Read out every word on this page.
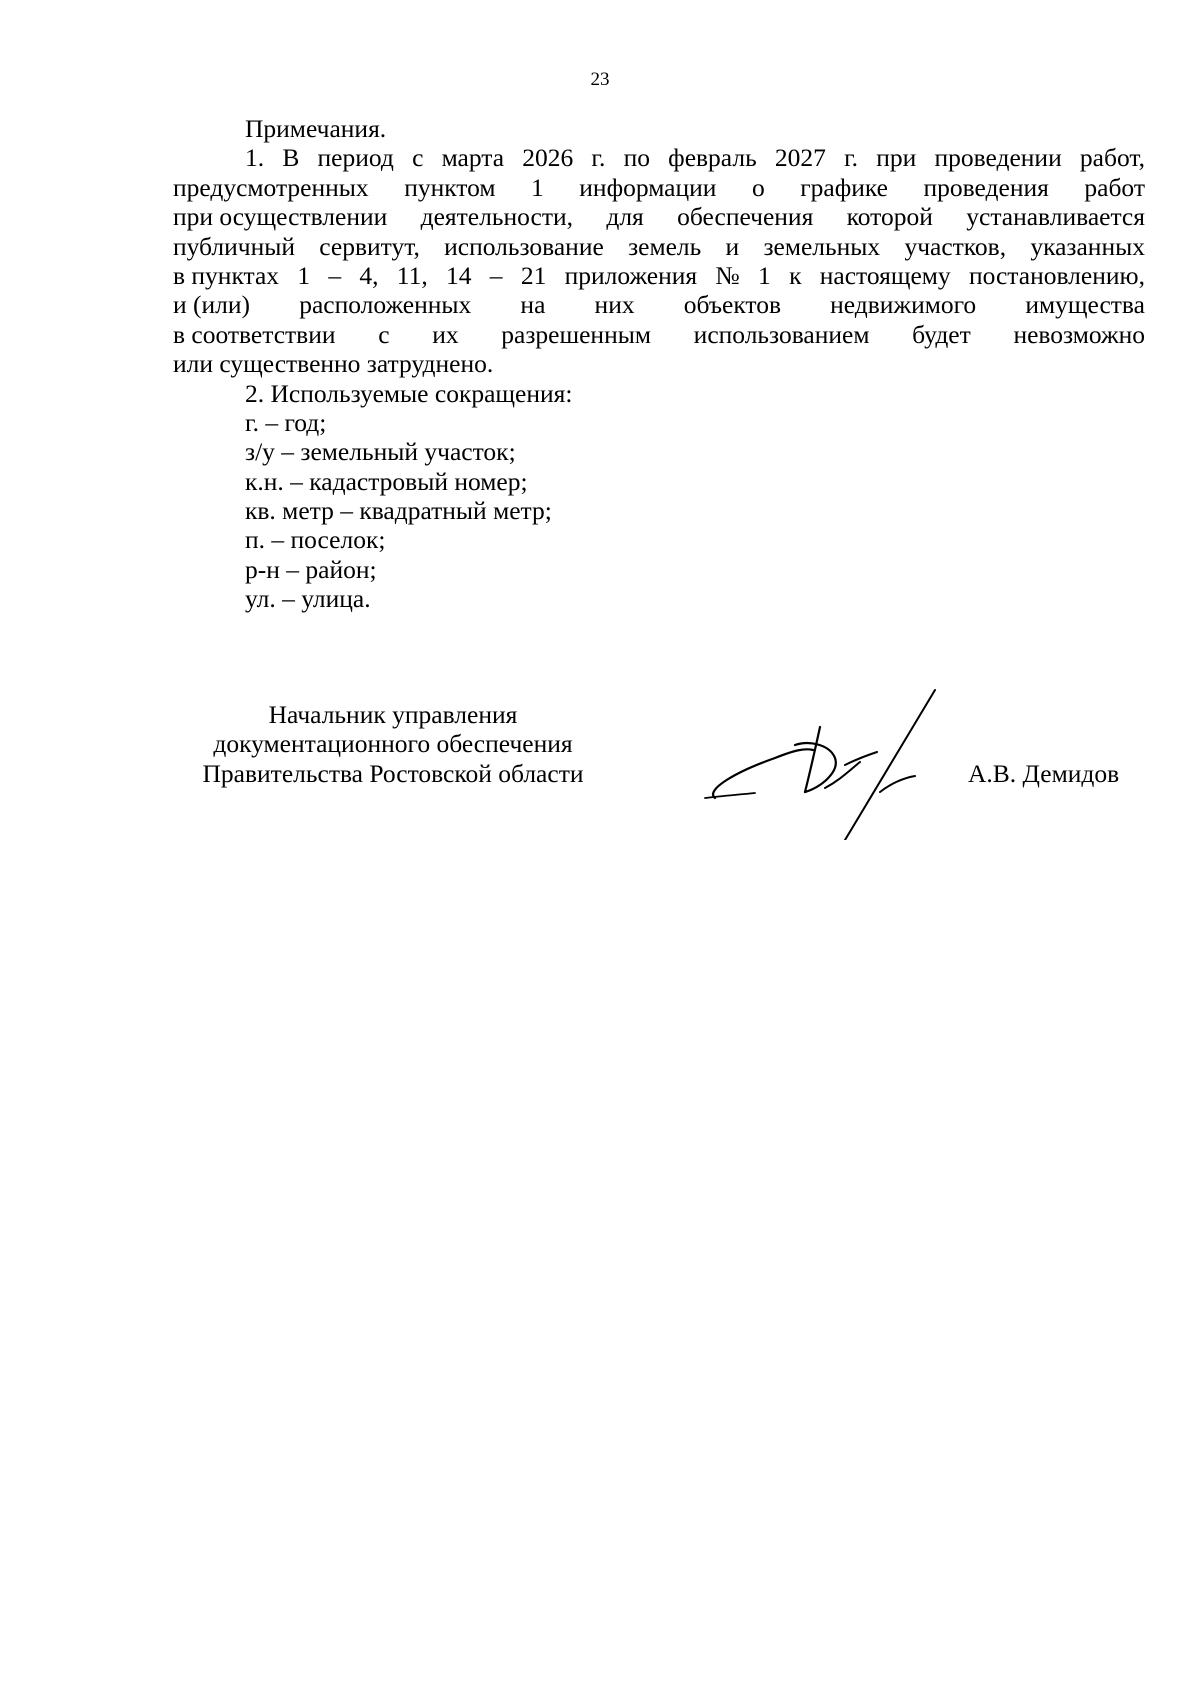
23
Примечания.
1. В период с марта 2026 г. по февраль 2027 г. при проведении работ,
предусмотренных пунктом 1 информации о графике проведения работ
при осуществлении деятельности, для обеспечения которой устанавливается
публичный сервитут, использование земель и земельных участков, указанных
в пунктах 1 – 4, 11, 14 – 21 приложения № 1 к настоящему постановлению,
и (или) расположенных на них объектов недвижимого имущества
в соответствии с их разрешенным использованием будет невозможно
или существенно затруднено.
2. Используемые сокращения:
г. – год;
з/у – земельный участок;
к.н. – кадастровый номер;
кв. метр – квадратный метр;
п. – поселок;
р-н – район;
ул. – улица.
Начальник управления
документационного обеспечения
Правительства Ростовской области	А.В. Демидов
